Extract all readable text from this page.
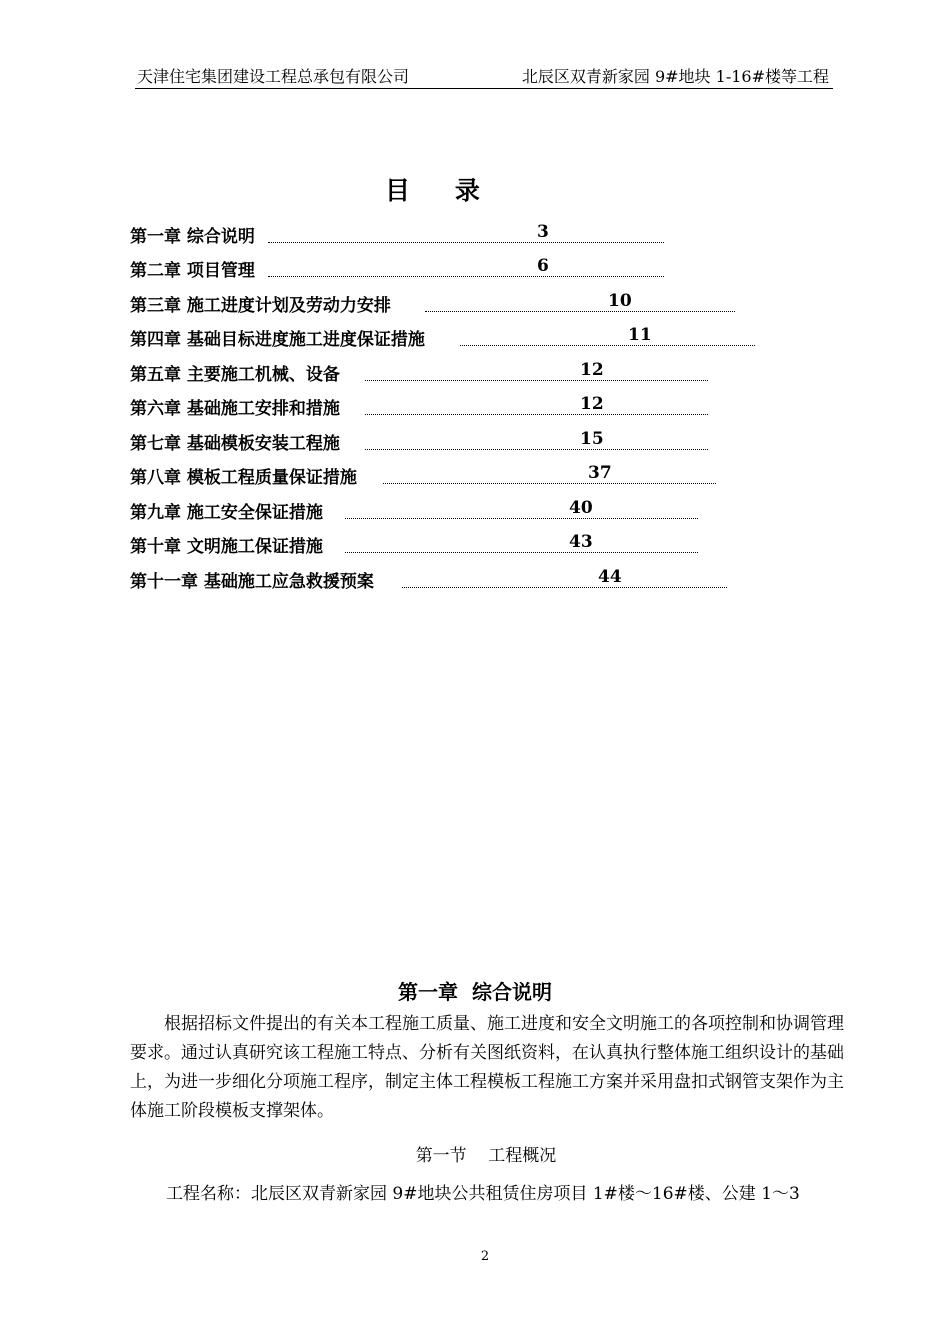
天津住宅集团建设工程总承包有限公司	北辰区双青新家园 9#地块 1-16#楼等工程
目    录
第一章 综合说明	3
第二章 项目管理	6
第三章 施工进度计划及劳动力安排	10
第四章 基础目标进度施工进度保证措施	11
第五章 主要施工机械、设备	12
第六章 基础施工安排和措施	12
第七章 基础模板安装工程施	15
第八章 模板工程质量保证措施	37
第九章 施工安全保证措施	40
第十章 文明施工保证措施	43
第十一章 基础施工应急救援预案	44
第一章  综合说明

根据招标文件提出的有关本工程施工质量、施工进度和安全文明施工的各项控制和协调管理要求。通过认真研究该工程施工特点、分析有关图纸资料，在认真执行整体施工组织设计的基础上，为进一步细化分项施工程序，制定主体工程模板工程施工方案并采用盘扣式钢管支架作为主体施工阶段模板支撑架体。

第一节    工程概况
工程名称：北辰区双青新家园 9#地块公共租赁住房项目 1#楼～16#楼、公建 1～3
2
